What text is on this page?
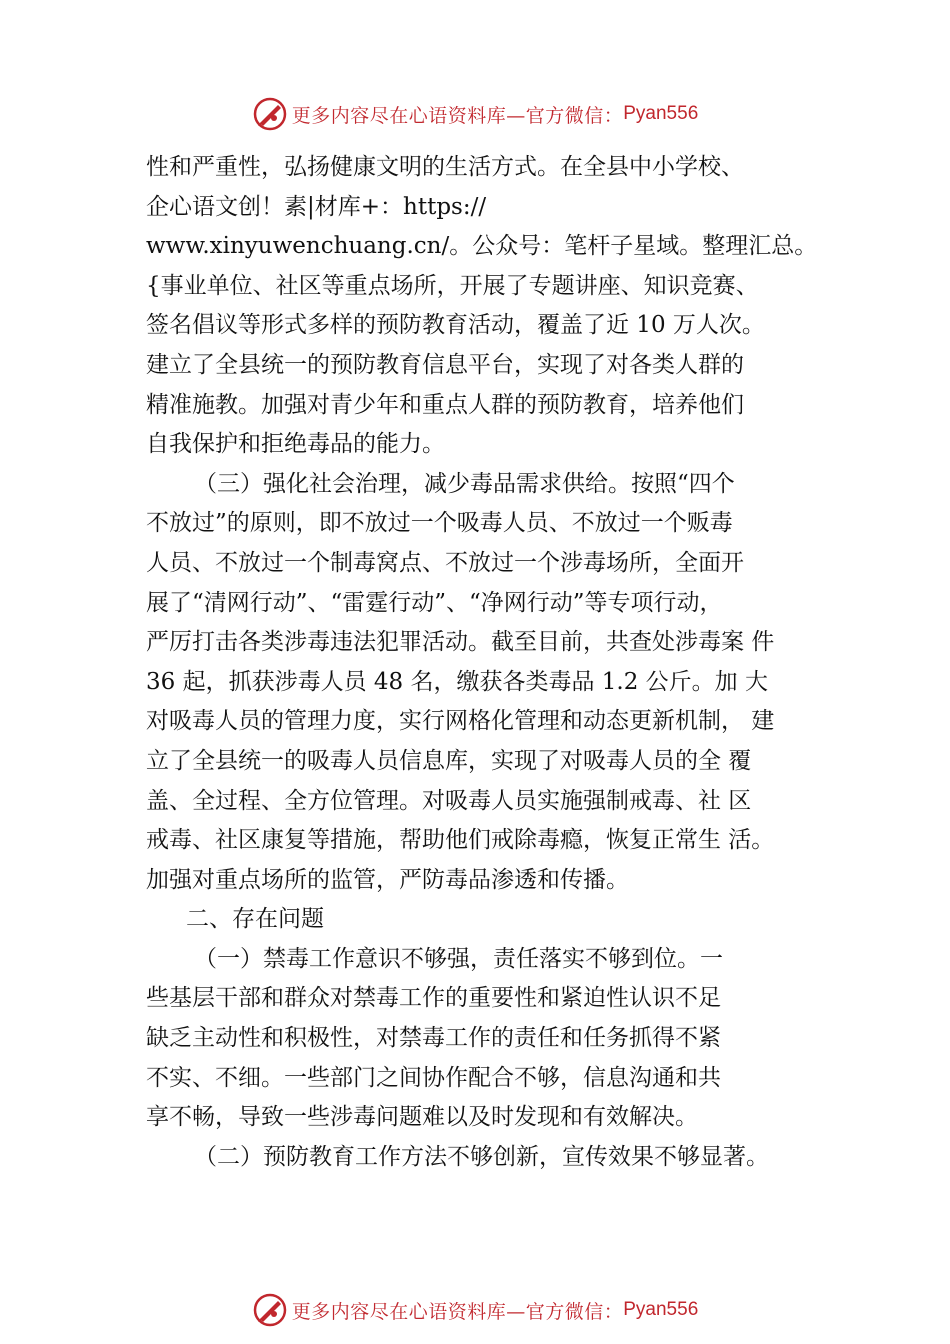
更多内容尽在心语资料库—官方微信： Pyan556
性和严重性，弘扬健康文明的生活方式。在全县中小学校、
企心语文创！素|材库+：https://
www.xinyuwenchuang.cn/。公众号：笔杆子星域。整理汇总。
{事业单位、社区等重点场所，开展了专题讲座、知识竞赛、
签名倡议等形式多样的预防教育活动，覆盖了近 10 万人次。
建立了全县统一的预防教育信息平台，实现了对各类人群的
精准施教。加强对青少年和重点人群的预防教育，培养他们
自我保护和拒绝毒品的能力。
（三）强化社会治理，减少毒品需求供给。按照“四个
不放过”的原则，即不放过一个吸毒人员、不放过一个贩毒
人员、不放过一个制毒窝点、不放过一个涉毒场所，全面开
展了“清网行动”、“雷霆行动”、“净网行动”等专项行动，
严厉打击各类涉毒违法犯罪活动。截至目前，共查处涉毒案 件
36 起，抓获涉毒人员 48 名，缴获各类毒品 1.2 公斤。加 大
对吸毒人员的管理力度，实行网格化管理和动态更新机制， 建
立了全县统一的吸毒人员信息库，实现了对吸毒人员的全 覆
盖、全过程、全方位管理。对吸毒人员实施强制戒毒、社 区
戒毒、社区康复等措施，帮助他们戒除毒瘾，恢复正常生 活。
加强对重点场所的监管，严防毒品渗透和传播。
二、存在问题
（一）禁毒工作意识不够强，责任落实不够到位。一
些基层干部和群众对禁毒工作的重要性和紧迫性认识不足
缺乏主动性和积极性，对禁毒工作的责任和任务抓得不紧
不实、不细。一些部门之间协作配合不够，信息沟通和共
享不畅，导致一些涉毒问题难以及时发现和有效解决。
（二）预防教育工作方法不够创新，宣传效果不够显著。
更多内容尽在心语资料库—官方微信： Pyan556
